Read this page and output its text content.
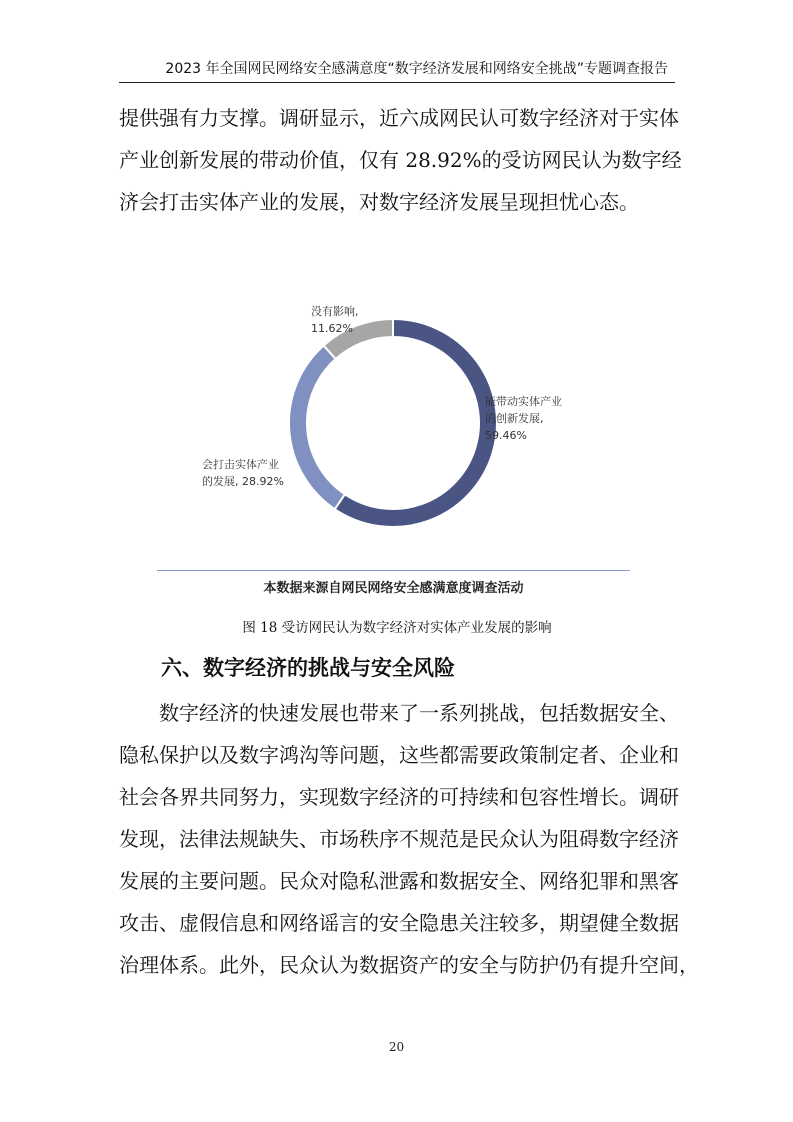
2023 年全国网民网络安全感满意度“数字经济发展和网络安全挑战”专题调查报告
提供强有力支撑。调研显示，近六成网民认可数字经济对于实体
产业创新发展的带动价值，仅有 28.92%的受访网民认为数字经
济会打击实体产业的发展，对数字经济发展呈现担忧心态。
能带动实体产业
的创新发展,
59.46%
会打击实体产业
的发展, 28.92%
没有影响,
11.62%
本数据来源自网民网络安全感满意度调查活动
图 18 受访网民认为数字经济对实体产业发展的影响
六、数字经济的挑战与安全风险
　　数字经济的快速发展也带来了一系列挑战，包括数据安全、
隐私保护以及数字鸿沟等问题，这些都需要政策制定者、企业和
社会各界共同努力，实现数字经济的可持续和包容性增长。调研
发现，法律法规缺失、市场秩序不规范是民众认为阻碍数字经济
发展的主要问题。民众对隐私泄露和数据安全、网络犯罪和黑客
攻击、虚假信息和网络谣言的安全隐患关注较多，期望健全数据
治理体系。此外，民众认为数据资产的安全与防护仍有提升空间，
20
